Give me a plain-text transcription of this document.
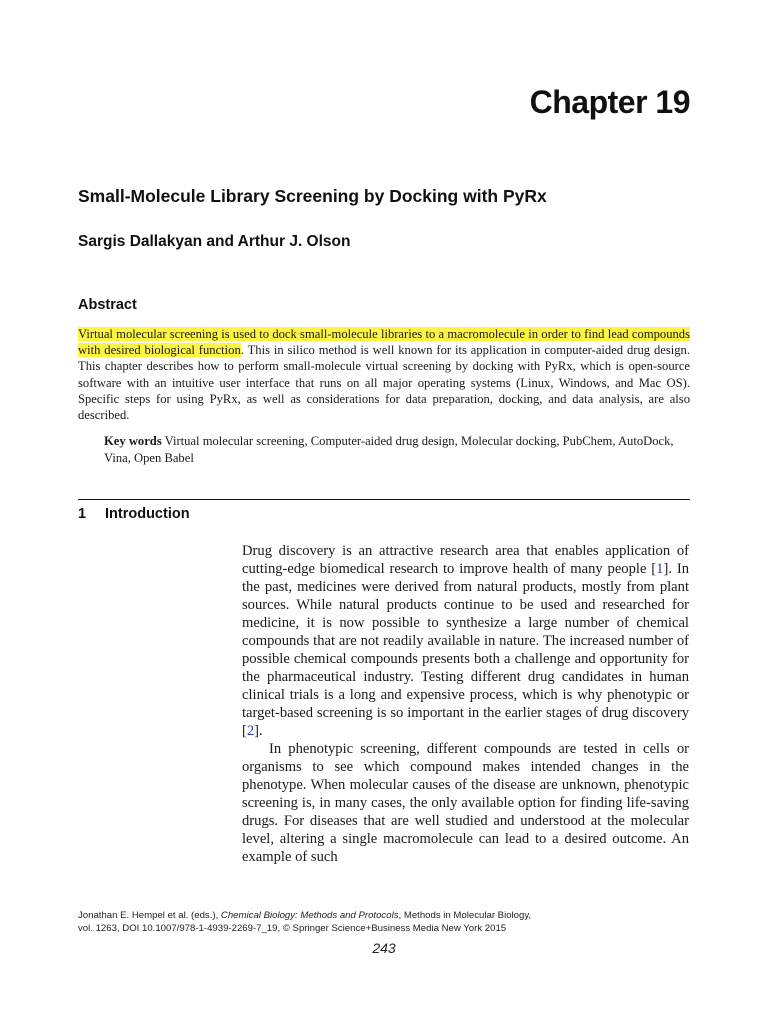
Chapter 19
Small-Molecule Library Screening by Docking with PyRx
Sargis Dallakyan and Arthur J. Olson
Abstract
Virtual molecular screening is used to dock small-molecule libraries to a macromolecule in order to find lead compounds with desired biological function. This in silico method is well known for its application in computer-aided drug design. This chapter describes how to perform small-molecule virtual screening by docking with PyRx, which is open-source software with an intuitive user interface that runs on all major operating systems (Linux, Windows, and Mac OS). Specific steps for using PyRx, as well as considerations for data preparation, docking, and data analysis, are also described.
Key words Virtual molecular screening, Computer-aided drug design, Molecular docking, PubChem, AutoDock, Vina, Open Babel
1 Introduction

Drug discovery is an attractive research area that enables application of cutting-edge biomedical research to improve health of many people [1]. In the past, medicines were derived from natural products, mostly from plant sources. While natural products continue to be used and researched for medicine, it is now possible to synthesize a large number of chemical compounds that are not readily available in nature. The increased number of possible chemical compounds presents both a challenge and opportunity for the pharmaceutical industry. Testing different drug candidates in human clinical trials is a long and expensive process, which is why phenotypic or target-based screening is so important in the earlier stages of drug discovery [2].

In phenotypic screening, different compounds are tested in cells or organisms to see which compound makes intended changes in the phenotype. When molecular causes of the disease are unknown, phenotypic screening is, in many cases, the only available option for finding life-saving drugs. For diseases that are well studied and understood at the molecular level, altering a single macromolecule can lead to a desired outcome. An example of such

Jonathan E. Hempel et al. (eds.), Chemical Biology: Methods and Protocols, Methods in Molecular Biology,
vol. 1263, DOI 10.1007/978-1-4939-2269-7_19, © Springer Science+Business Media New York 2015
243
